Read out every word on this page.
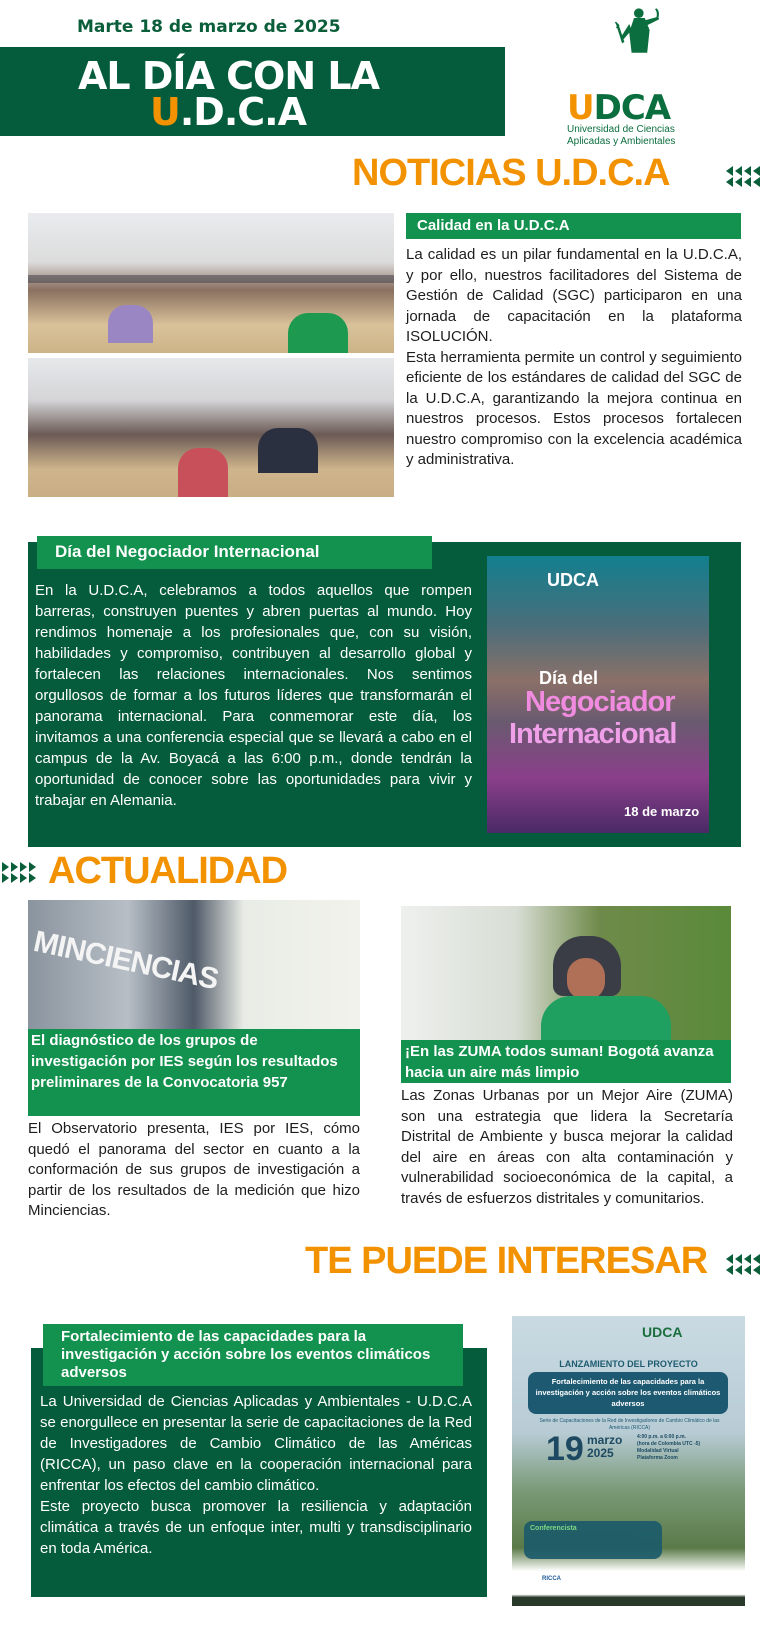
Marte 18 de marzo de 2025
AL DÍA CON LA
U.D.C.A	UDCA
Universidad de Ciencias
Aplicadas y Ambientales
NOTICIAS U.D.C.A
Calidad en la U.D.C.A
La calidad es un pilar fundamental en la U.D.C.A, y por ello, nuestros facilitadores del Sistema de Gestión de Calidad (SGC) participaron en una jornada de capacitación en la plataforma ISOLUCIÓN.
Esta herramienta permite un control y seguimiento eficiente de los estándares de calidad del SGC de la U.D.C.A, garantizando la mejora continua en nuestros procesos. Estos procesos fortalecen nuestro compromiso con la excelencia académica y administrativa.
Día del Negociador Internacional
En la U.D.C.A, celebramos a todos aquellos que rompen barreras, construyen puentes y abren puertas al mundo. Hoy rendimos homenaje a los profesionales que, con su visión, habilidades y compromiso, contribuyen al desarrollo global y fortalecen las relaciones internacionales. Nos sentimos orgullosos de formar a los futuros líderes que transformarán el panorama internacional. Para conmemorar este día, los invitamos a una conferencia especial que se llevará a cabo en el campus de la Av. Boyacá a las 6:00 p.m., donde tendrán la oportunidad de conocer sobre las oportunidades para vivir y trabajar en Alemania.
UDCA
Día del
Negociador
Internacional
18 de marzo
ACTUALIDAD
MINCIENCIAS
El diagnóstico de los grupos de investigación por IES según los resultados preliminares de la Convocatoria 957
El Observatorio presenta, IES por IES, cómo quedó el panorama del sector en cuanto a la conformación de sus grupos de investigación a partir de los resultados de la medición que hizo Minciencias.
¡En las ZUMA todos suman! Bogotá avanza hacia un aire más limpio
Las Zonas Urbanas por un Mejor Aire (ZUMA) son una estrategia que lidera la Secretaría Distrital de Ambiente y busca mejorar la calidad del aire en áreas con alta contaminación y vulnerabilidad socioeconómica de la capital, a través de esfuerzos distritales y comunitarios.
TE PUEDE INTERESAR
Fortalecimiento de las capacidades para la investigación y acción sobre los eventos climáticos adversos
La Universidad de Ciencias Aplicadas y Ambientales - U.D.C.A se enorgullece en presentar la serie de capacitaciones de la Red de Investigadores de Cambio Climático de las Américas (RICCA), un paso clave en la cooperación internacional para enfrentar los efectos del cambio climático.
Este proyecto busca promover la resiliencia y adaptación climática a través de un enfoque inter, multi y transdisciplinario en toda América.
UDCA
LANZAMIENTO DEL PROYECTO
Fortalecimiento de las capacidades para la investigación y acción sobre los eventos climáticos adversos
Serie de Capacitaciones de la Red de Investigadores de Cambio Climático de las Américas (RICCA)
19 marzo
2025
4:00 p.m. a 6:00 p.m.
(hora de Colombia UTC -5)
Modalidad Virtual
Plataforma Zoom
Conferencista
RICCA
